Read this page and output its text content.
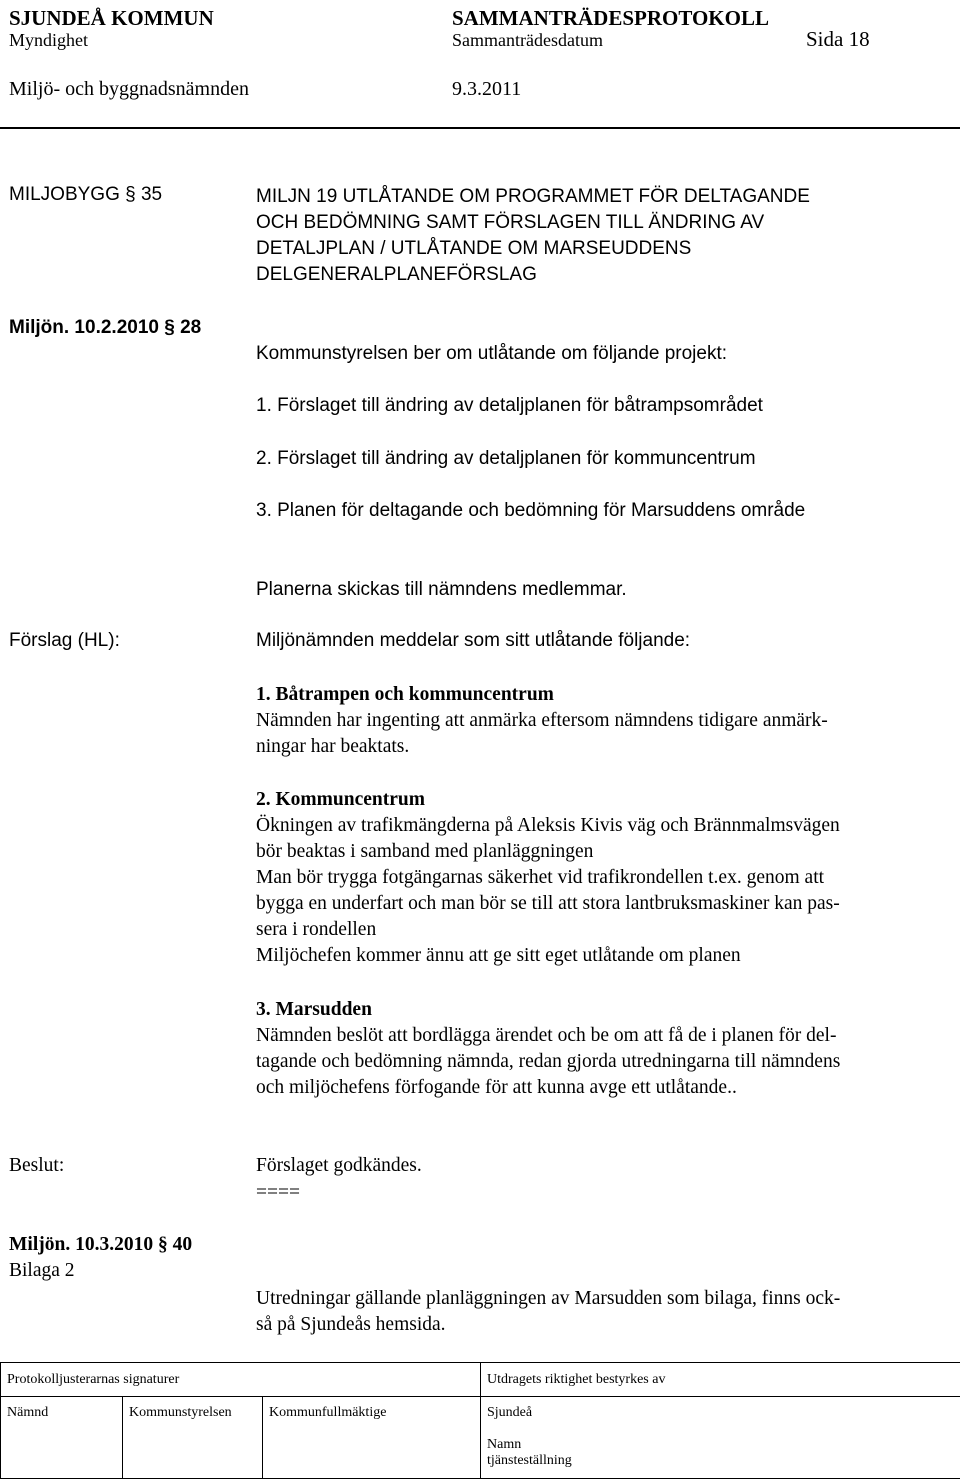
SJUNDEÅ KOMMUN	SAMMANTRÄDESPROTOKOLL
Myndighet	Sammanträdesdatum	Sida 18
Miljö- och byggnadsnämnden	9.3.2011
MILJOBYGG § 35
Miljön. 10.2.2010 § 28
MILJN 19 UTLÅTANDE OM PROGRAMMET FÖR DELTAGANDE
OCH BEDÖMNING SAMT FÖRSLAGEN TILL ÄNDRING AV
DETALJPLAN / UTLÅTANDE OM MARSEUDDENS
DELGENERALPLANEFÖRSLAG
Kommunstyrelsen ber om utlåtande om följande projekt:
1. Förslaget till ändring av detaljplanen för båtrampsområdet
2. Förslaget till ändring av detaljplanen för kommuncentrum
3. Planen för deltagande och bedömning för Marsuddens område
Planerna skickas till nämndens medlemmar.
Förslag (HL):	Miljönämnden meddelar som sitt utlåtande följande:
1. Båtrampen och kommuncentrum
Nämnden har ingenting att anmärka eftersom nämndens tidigare anmärk-
ningar har beaktats.
2. Kommuncentrum
Ökningen av trafikmängderna på Aleksis Kivis väg och Brännmalmsvägen
bör beaktas i samband med planläggningen
Man bör trygga fotgängarnas säkerhet vid trafikrondellen t.ex. genom att
bygga en underfart och man bör se till att stora lantbruksmaskiner kan pas-
sera i rondellen
Miljöchefen kommer ännu att ge sitt eget utlåtande om planen
3. Marsudden
Nämnden beslöt att bordlägga ärendet och be om att få de i planen för del-
tagande och bedömning nämnda, redan gjorda utredningarna till nämndens
och miljöchefens förfogande för att kunna avge ett utlåtande..
Beslut:	Förslaget godkändes.
====
Miljön. 10.3.2010 § 40
Bilaga 2
Utredningar gällande planläggningen av Marsudden som bilaga, finns ock-
så på Sjundeås hemsida.
Protokolljusterarnas signaturer			Utdragets riktighet bestyrkes av

Nämnd	Kommunstyrelsen	Kommunfullmäktige	Sjundeå
Namn
tjänsteställning
